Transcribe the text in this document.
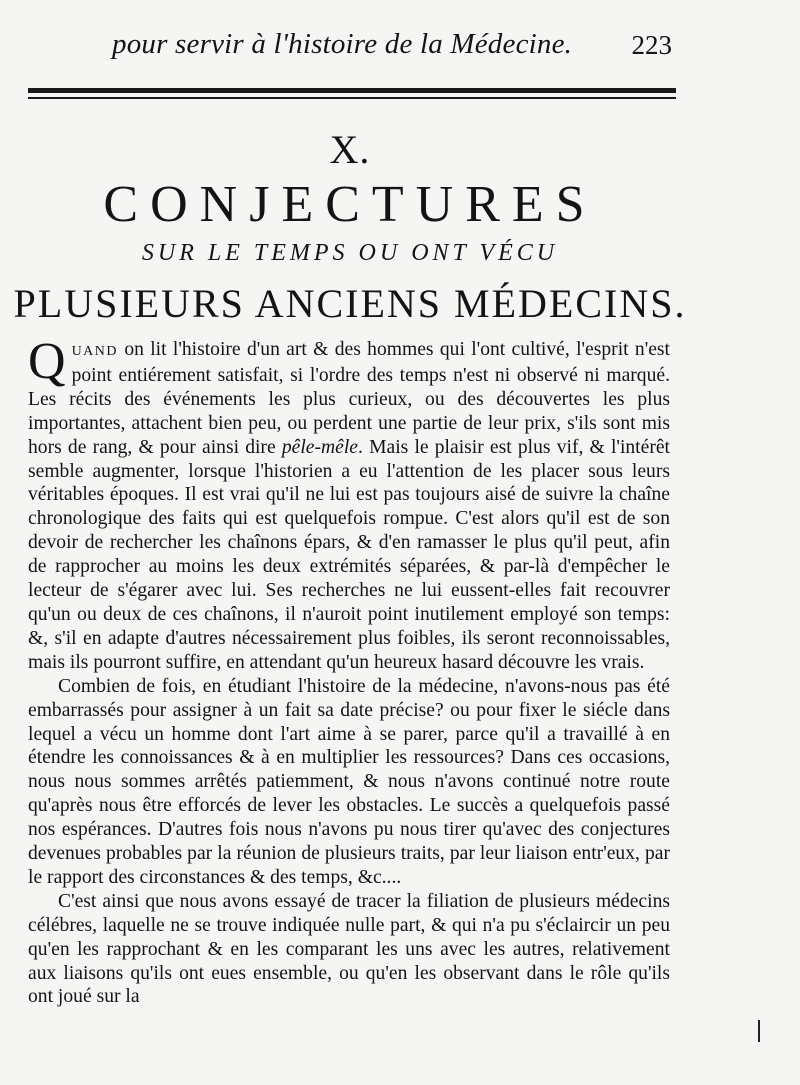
pour servir à l'histoire de la Médecine. 223
X.
CONJECTURES
SUR LE TEMPS OU ONT VÉCU
PLUSIEURS ANCIENS MÉDECINS.

QUAND on lit l'histoire d'un art & des hommes qui l'ont cultivé, l'esprit n'est point entiérement satisfait, si l'ordre des temps n'est ni observé ni marqué. Les récits des événements les plus curieux, ou des découvertes les plus importantes, attachent bien peu, ou perdent une partie de leur prix, s'ils sont mis hors de rang, & pour ainsi dire pêle-mêle. Mais le plaisir est plus vif, & l'intérêt semble augmenter, lorsque l'historien a eu l'attention de les placer sous leurs véritables époques. Il est vrai qu'il ne lui est pas toujours aisé de suivre la chaîne chronologique des faits qui est quelquefois rompue. C'est alors qu'il est de son devoir de rechercher les chaînons épars, & d'en ramasser le plus qu'il peut, afin de rapprocher au moins les deux extrémités séparées, & par-là d'empêcher le lecteur de s'égarer avec lui. Ses recherches ne lui eussent-elles fait recouvrer qu'un ou deux de ces chaînons, il n'auroit point inutilement employé son temps: &, s'il en adapte d'autres nécessairement plus foibles, ils seront reconnoissables, mais ils pourront suffire, en attendant qu'un heureux hasard découvre les vrais.

Combien de fois, en étudiant l'histoire de la médecine, n'avons-nous pas été embarrassés pour assigner à un fait sa date précise? ou pour fixer le siécle dans lequel a vécu un homme dont l'art aime à se parer, parce qu'il a travaillé à en étendre les connoissances & à en multiplier les ressources? Dans ces occasions, nous nous sommes arrêtés patiemment, & nous n'avons continué notre route qu'après nous être efforcés de lever les obstacles. Le succès a quelquefois passé nos espérances. D'autres fois nous n'avons pu nous tirer qu'avec des conjectures devenues probables par la réunion de plusieurs traits, par leur liaison entr'eux, par le rapport des circonstances & des temps, &c....

C'est ainsi que nous avons essayé de tracer la filiation de plusieurs médecins célébres, laquelle ne se trouve indiquée nulle part, & qui n'a pu s'éclaircir un peu qu'en les rapprochant & en les comparant les uns avec les autres, relativement aux liaisons qu'ils ont eues ensemble, ou qu'en les observant dans le rôle qu'ils ont joué sur la
